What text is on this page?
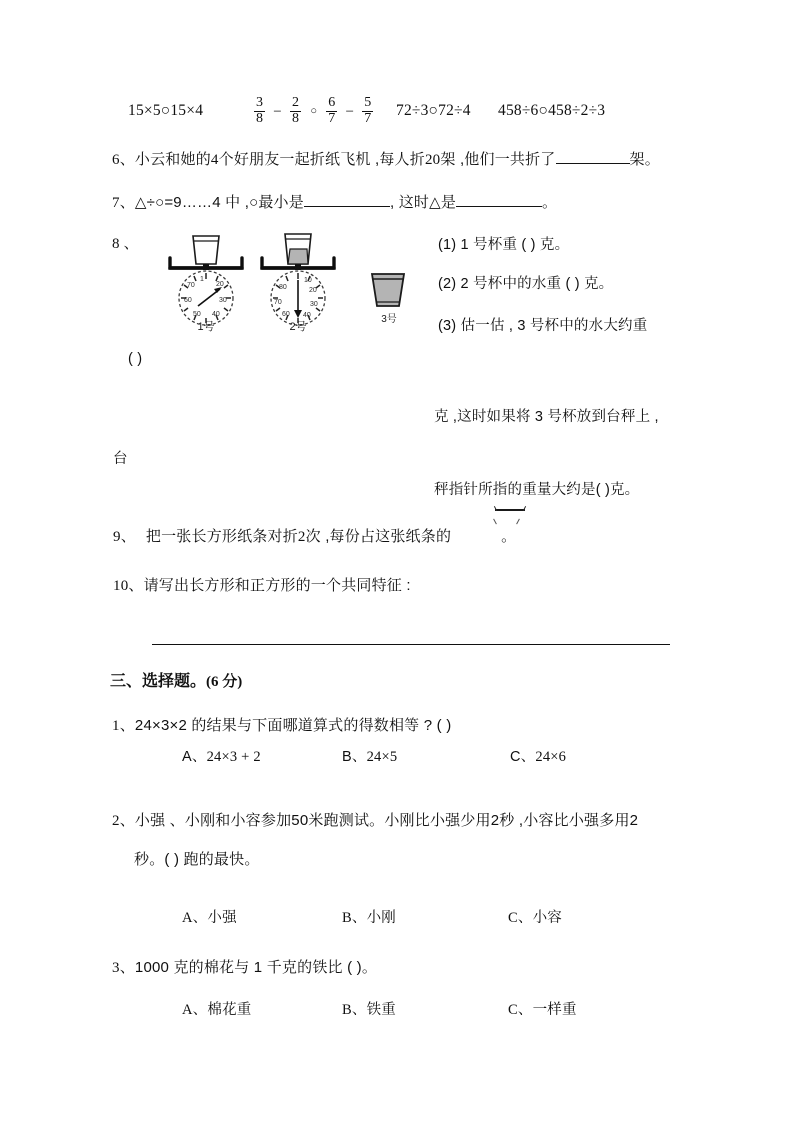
15×5○15×4	$\frac{3}{8} - \frac{2}{8}$ ○ $\frac{6}{7} - \frac{5}{7}$ 72÷3○72÷4 458÷6○458÷2÷3
6、小云和她的4个好朋友一起折纸飞机 ,每人折20架 ,他们一共折了	架。
7、△÷○=9……4 中 ,○最小是	, 这时△是	。
8 、
20
30
40
50
60
70
1
1号
10
20
30
40
60
70
80
2号
3号
(1) 1 号杯重 ( ) 克。
(2) 2 号杯中的水重 ( ) 克。
(3) 估一估 , 3 号杯中的水大约重
( )
克 ,这时如果将 3 号杯放到台秤上 ,
台
秤指针所指的重量大约是( )克。
9、 把一张长方形纸条对折2次 ,每份占这张纸条的	。
10、请写出长方形和正方形的一个共同特征 :
三、选择题。(6 分)
1、24×3×2 的结果与下面哪道算式的得数相等 ? ( )
A、24×3 + 2	B、24×5	C、24×6
2、小强 、小刚和小容参加50米跑测试。小刚比小强少用2秒 ,小容比小强多用2
秒。( ) 跑的最快。
A、小强	B、小刚	C、小容
3、1000 克的棉花与 1 千克的铁比 ( )。
A、棉花重	B、铁重	C、一样重
